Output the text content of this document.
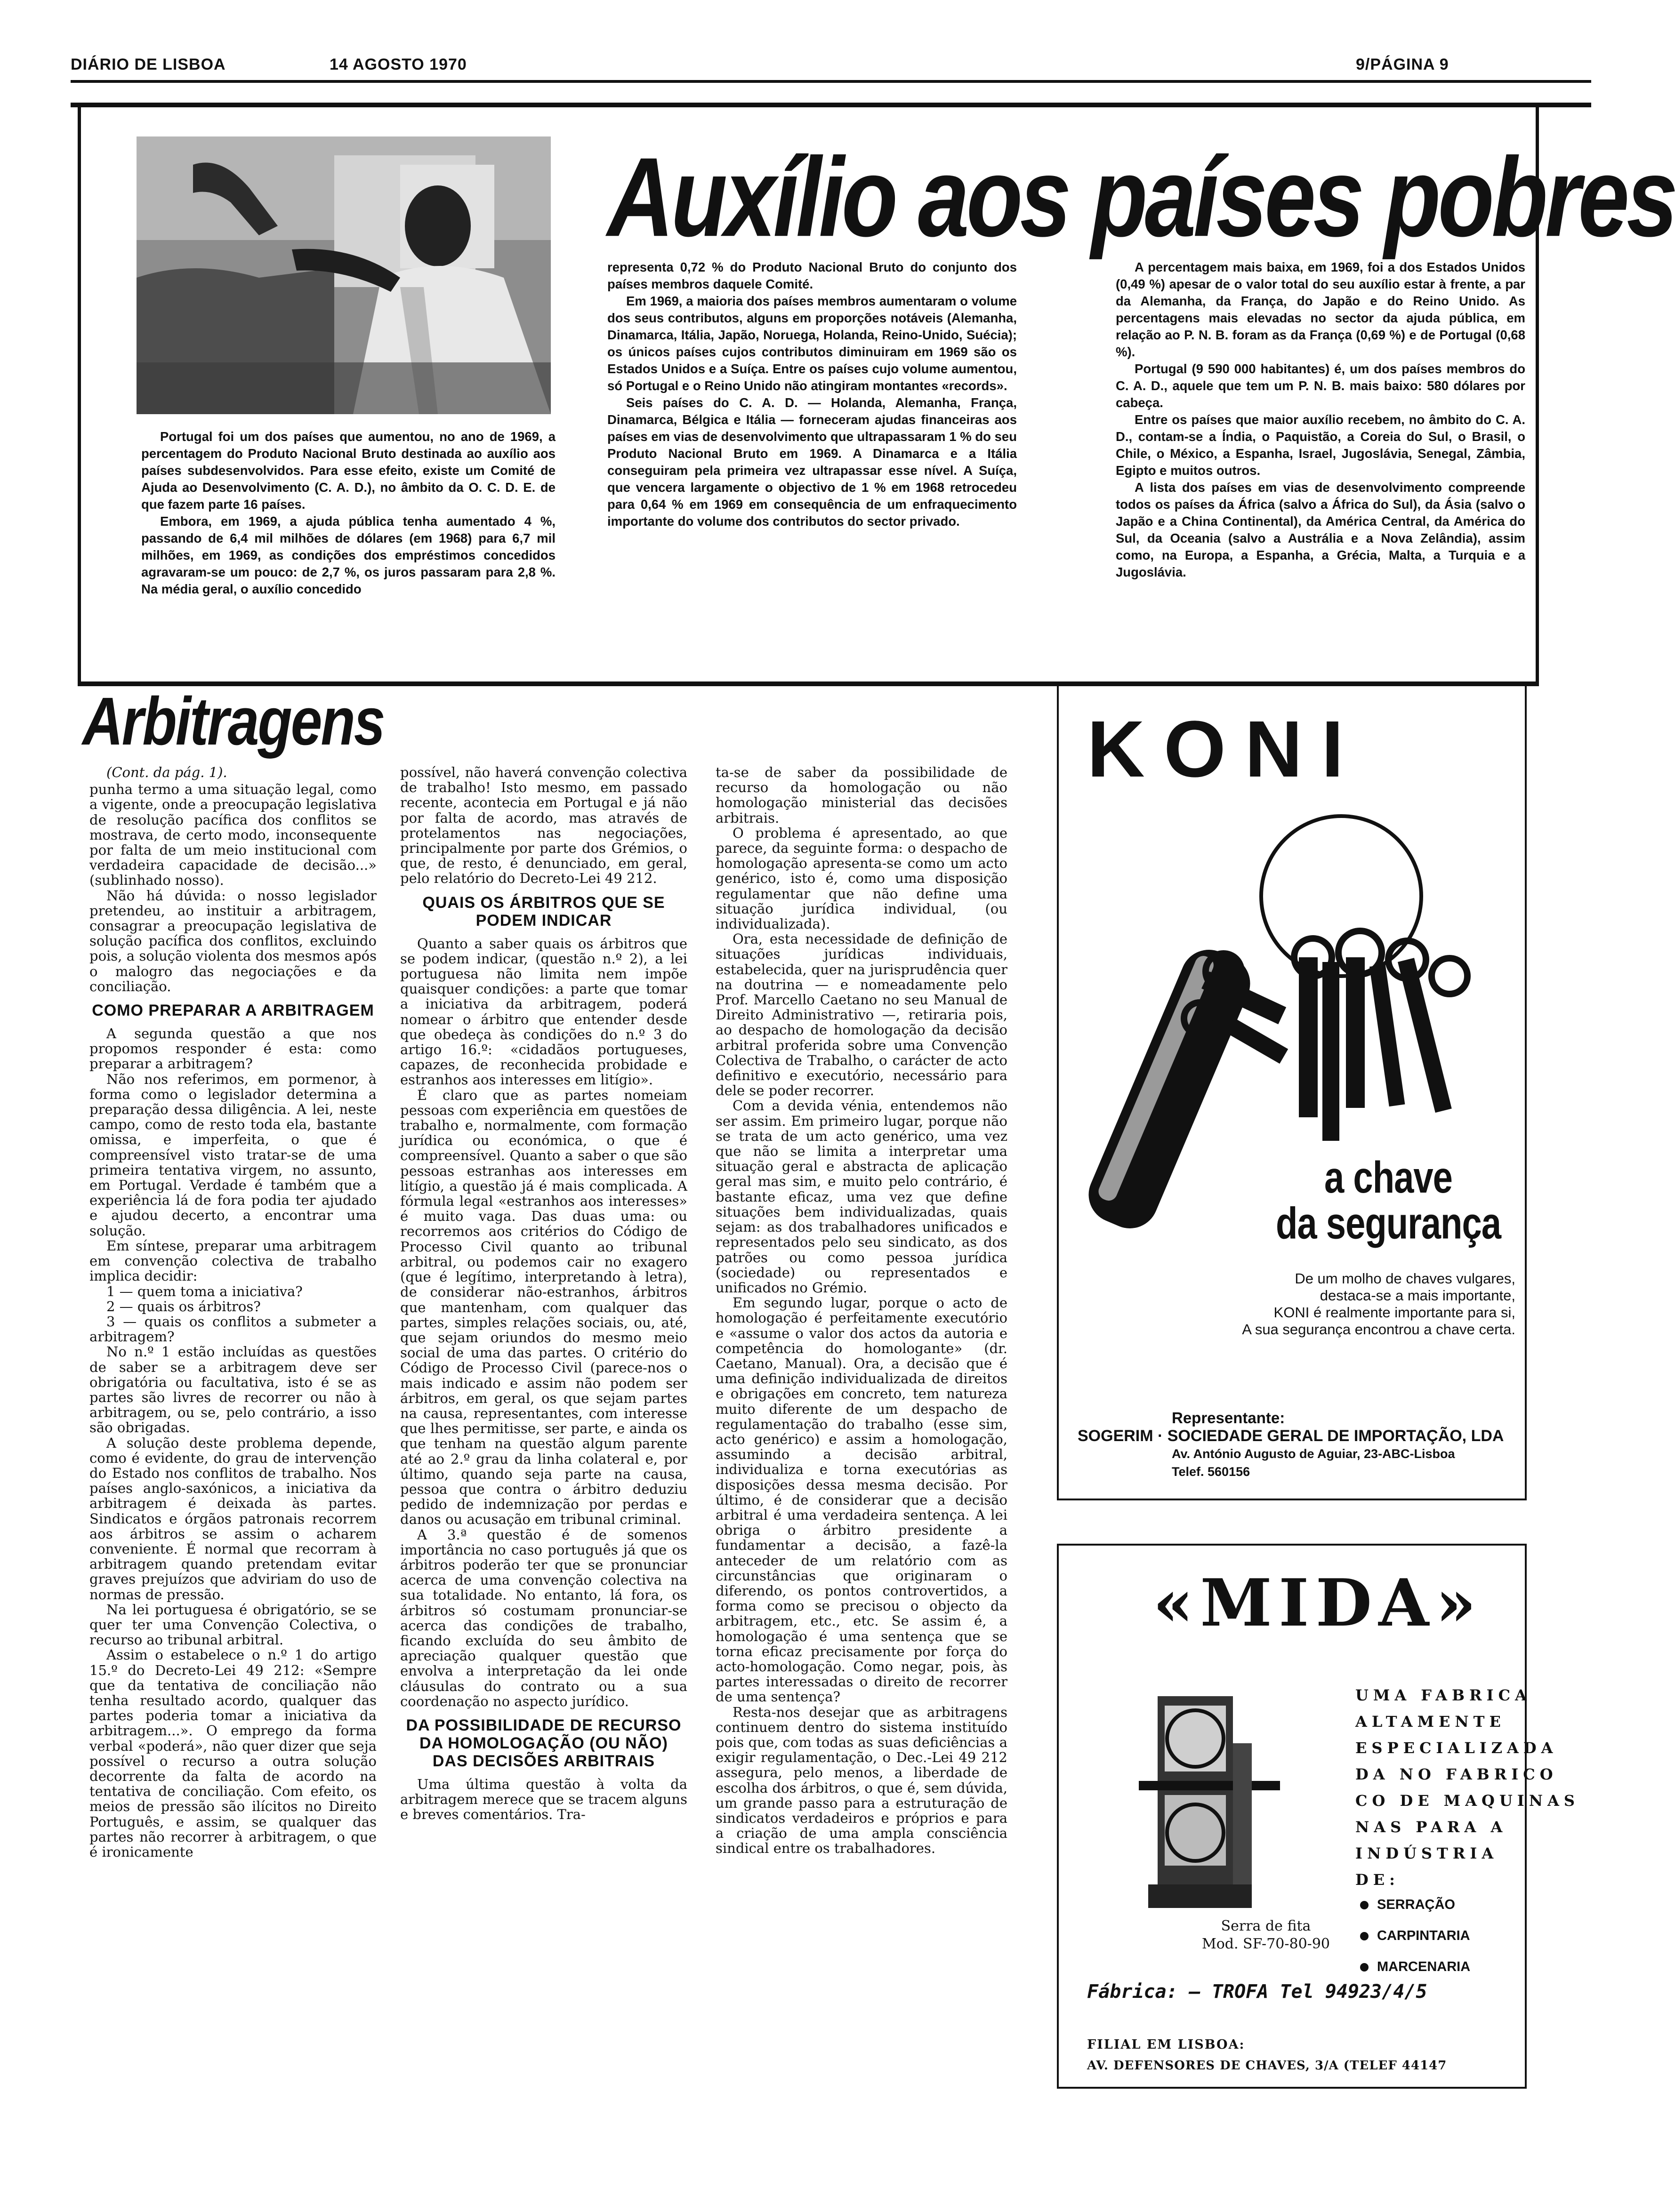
DIÁRIO DE LISBOA	14 AGOSTO 1970	9/PÁGINA 9
Auxílio aos países pobres

Portugal foi um dos países que aumentou, no ano de 1969, a percentagem do Produto Nacional Bruto destinada ao auxílio aos países subdesenvolvidos. Para esse efeito, existe um Comité de Ajuda ao Desenvolvimento (C. A. D.), no âmbito da O. C. D. E. de que fazem parte 16 países.

Embora, em 1969, a ajuda pública tenha aumentado 4 %, passando de 6,4 mil milhões de dólares (em 1968) para 6,7 mil milhões, em 1969, as condições dos empréstimos concedidos agravaram-se um pouco: de 2,7 %, os juros passaram para 2,8 %. Na média geral, o auxílio concedido

representa 0,72 % do Produto Nacional Bruto do conjunto dos países membros daquele Comité.

Em 1969, a maioria dos países membros aumentaram o volume dos seus contributos, alguns em proporções notáveis (Alemanha, Dinamarca, Itália, Japão, Noruega, Holanda, Reino-Unido, Suécia); os únicos países cujos contributos diminuiram em 1969 são os Estados Unidos e a Suíça. Entre os países cujo volume aumentou, só Portugal e o Reino Unido não atingiram montantes «records».

Seis países do C. A. D. — Holanda, Alemanha, França, Dinamarca, Bélgica e Itália — forneceram ajudas financeiras aos países em vias de desenvolvimento que ultrapassaram 1 % do seu Produto Nacional Bruto em 1969. A Dinamarca e a Itália conseguiram pela primeira vez ultrapassar esse nível. A Suíça, que vencera largamente o objectivo de 1 % em 1968 retrocedeu para 0,64 % em 1969 em consequência de um enfraquecimento importante do volume dos contributos do sector privado.

A percentagem mais baixa, em 1969, foi a dos Estados Unidos (0,49 %) apesar de o valor total do seu auxílio estar à frente, a par da Alemanha, da França, do Japão e do Reino Unido. As percentagens mais elevadas no sector da ajuda pública, em relação ao P. N. B. foram as da França (0,69 %) e de Portugal (0,68 %).

Portugal (9 590 000 habitantes) é, um dos países membros do C. A. D., aquele que tem um P. N. B. mais baixo: 580 dólares por cabeça.

Entre os países que maior auxílio recebem, no âmbito do C. A. D., contam-se a Índia, o Paquistão, a Coreia do Sul, o Brasil, o Chile, o México, a Espanha, Israel, Jugoslávia, Senegal, Zâmbia, Egipto e muitos outros.

A lista dos países em vias de desenvolvimento compreende todos os países da África (salvo a África do Sul), da Ásia (salvo o Japão e a China Continental), da América Central, da América do Sul, da Oceania (salvo a Austrália e a Nova Zelândia), assim como, na Europa, a Espanha, a Grécia, Malta, a Turquia e a Jugoslávia.

Arbitragens
(Cont. da pág. 1).

punha termo a uma situação legal, como a vigente, onde a preocupação legislativa de resolução pacífica dos conflitos se mostrava, de certo modo, inconsequente por falta de um meio institucional com verdadeira capacidade de decisão...» (sublinhado nosso).

Não há dúvida: o nosso legislador pretendeu, ao instituir a arbitragem, consagrar a preocupação legislativa de solução pacífica dos conflitos, excluindo pois, a solução violenta dos mesmos após o malogro das negociações e da conciliação.

COMO PREPARAR A ARBITRAGEM

A segunda questão a que nos propomos responder é esta: como preparar a arbitragem?

Não nos referimos, em pormenor, à forma como o legislador determina a preparação dessa diligência. A lei, neste campo, como de resto toda ela, bastante omissa, e imperfeita, o que é compreensível visto tratar-se de uma primeira tentativa virgem, no assunto, em Portugal. Verdade é também que a experiência lá de fora podia ter ajudado e ajudou decerto, a encontrar uma solução.

Em síntese, preparar uma arbitragem em convenção colectiva de trabalho implica decidir:

1 — quem toma a iniciativa?

2 — quais os árbitros?

3 — quais os conflitos a submeter a arbitragem?

No n.º 1 estão incluídas as questões de saber se a arbitragem deve ser obrigatória ou facultativa, isto é se as partes são livres de recorrer ou não à arbitragem, ou se, pelo contrário, a isso são obrigadas.

A solução deste problema depende, como é evidente, do grau de intervenção do Estado nos conflitos de trabalho. Nos países anglo-saxónicos, a iniciativa da arbitragem é deixada às partes. Sindicatos e órgãos patronais recorrem aos árbitros se assim o acharem conveniente. É normal que recorram à arbitragem quando pretendam evitar graves prejuízos que adviriam do uso de normas de pressão.

Na lei portuguesa é obrigatório, se se quer ter uma Convenção Colectiva, o recurso ao tribunal arbitral.

Assim o estabelece o n.º 1 do artigo 15.º do Decreto-Lei 49 212: «Sempre que da tentativa de conciliação não tenha resultado acordo, qualquer das partes poderia tomar a iniciativa da arbitragem...». O emprego da forma verbal «poderá», não quer dizer que seja possível o recurso a outra solução decorrente da falta de acordo na tentativa de conciliação. Com efeito, os meios de pressão são ilícitos no Direito Português, e assim, se qualquer das partes não recorrer à arbitragem, o que é ironicamente

possível, não haverá convenção colectiva de trabalho! Isto mesmo, em passado recente, acontecia em Portugal e já não por falta de acordo, mas através de protelamentos nas negociações, principalmente por parte dos Grémios, o que, de resto, é denunciado, em geral, pelo relatório do Decreto-Lei 49 212.

QUAIS OS ÁRBITROS QUE SE PODEM INDICAR

Quanto a saber quais os árbitros que se podem indicar, (questão n.º 2), a lei portuguesa não limita nem impõe quaisquer condições: a parte que tomar a iniciativa da arbitragem, poderá nomear o árbitro que entender desde que obedeça às condições do n.º 3 do artigo 16.º: «cidadãos portugueses, capazes, de reconhecida probidade e estranhos aos interesses em litígio».

É claro que as partes nomeiam pessoas com experiência em questões de trabalho e, normalmente, com formação jurídica ou económica, o que é compreensível. Quanto a saber o que são pessoas estranhas aos interesses em litígio, a questão já é mais complicada. A fórmula legal «estranhos aos interesses» é muito vaga. Das duas uma: ou recorremos aos critérios do Código de Processo Civil quanto ao tribunal arbitral, ou podemos cair no exagero (que é legítimo, interpretando à letra), de considerar não-estranhos, árbitros que mantenham, com qualquer das partes, simples relações sociais, ou, até, que sejam oriundos do mesmo meio social de uma das partes. O critério do Código de Processo Civil (parece-nos o mais indicado e assim não podem ser árbitros, em geral, os que sejam partes na causa, representantes, com interesse que lhes permitisse, ser parte, e ainda os que tenham na questão algum parente até ao 2.º grau da linha colateral e, por último, quando seja parte na causa, pessoa que contra o árbitro deduziu pedido de indemnização por perdas e danos ou acusação em tribunal criminal.

A 3.ª questão é de somenos importância no caso português já que os árbitros poderão ter que se pronunciar acerca de uma convenção colectiva na sua totalidade. No entanto, lá fora, os árbitros só costumam pronunciar-se acerca das condições de trabalho, ficando excluída do seu âmbito de apreciação qualquer questão que envolva a interpretação da lei onde cláusulas do contrato ou a sua coordenação no aspecto jurídico.

DA POSSIBILIDADE DE RECURSO DA HOMOLOGAÇÃO (OU NÃO) DAS DECISÕES ARBITRAIS

Uma última questão à volta da arbitragem merece que se tracem alguns e breves comentários. Tra-

ta-se de saber da possibilidade de recurso da homologação ou não homologação ministerial das decisões arbitrais.

O problema é apresentado, ao que parece, da seguinte forma: o despacho de homologação apresenta-se como um acto genérico, isto é, como uma disposição regulamentar que não define uma situação jurídica individual, (ou individualizada).

Ora, esta necessidade de definição de situações jurídicas individuais, estabelecida, quer na jurisprudência quer na doutrina — e nomeadamente pelo Prof. Marcello Caetano no seu Manual de Direito Administrativo —, retiraria pois, ao despacho de homologação da decisão arbitral proferida sobre uma Convenção Colectiva de Trabalho, o carácter de acto definitivo e executório, necessário para dele se poder recorrer.

Com a devida vénia, entendemos não ser assim. Em primeiro lugar, porque não se trata de um acto genérico, uma vez que não se limita a interpretar uma situação geral e abstracta de aplicação geral mas sim, e muito pelo contrário, é bastante eficaz, uma vez que define situações bem individualizadas, quais sejam: as dos trabalhadores unificados e representados pelo seu sindicato, as dos patrões ou como pessoa jurídica (sociedade) ou representados e unificados no Grémio.

Em segundo lugar, porque o acto de homologação é perfeitamente executório e «assume o valor dos actos da autoria e competência do homologante» (dr. Caetano, Manual). Ora, a decisão que é uma definição individualizada de direitos e obrigações em concreto, tem natureza muito diferente de um despacho de regulamentação do trabalho (esse sim, acto genérico) e assim a homologação, assumindo a decisão arbitral, individualiza e torna executórias as disposições dessa mesma decisão. Por último, é de considerar que a decisão arbitral é uma verdadeira sentença. A lei obriga o árbitro presidente a fundamentar a decisão, a fazê-la anteceder de um relatório com as circunstâncias que originaram o diferendo, os pontos controvertidos, a forma como se precisou o objecto da arbitragem, etc., etc. Se assim é, a homologação é uma sentença que se torna eficaz precisamente por força do acto-homologação. Como negar, pois, às partes interessadas o direito de recorrer de uma sentença?

Resta-nos desejar que as arbitragens continuem dentro do sistema instituído pois que, com todas as suas deficiências a exigir regulamentação, o Dec.-Lei 49 212 assegura, pelo menos, a liberdade de escolha dos árbitros, o que é, sem dúvida, um grande passo para a estruturação de sindicatos verdadeiros e próprios e para a criação de uma ampla consciência sindical entre os trabalhadores.

KONI
a chave
da segurança
De um molho de chaves vulgares,
destaca-se a mais importante,
KONI é realmente importante para si,
A sua segurança encontrou a chave certa.
Representante:
SOGERIM · SOCIEDADE GERAL DE IMPORTAÇÃO, LDA
Av. António Augusto de Aguiar, 23-ABC-Lisboa
Telef. 560156
«MIDA»
UMA FABRICA
ALTAMENTE
ESPECIALIZADA
DA NO FABRICO
CO DE MAQUINAS
NAS PARA A
INDÚSTRIA
DE:
SERRAÇÃO
CARPINTARIA
MARCENARIA
Serra de fita
Mod. SF-70-80-90
Fábrica: — TROFA Tel 94923/4/5
FILIAL EM LISBOA:
AV. DEFENSORES DE CHAVES, 3/A (TELEF 44147
